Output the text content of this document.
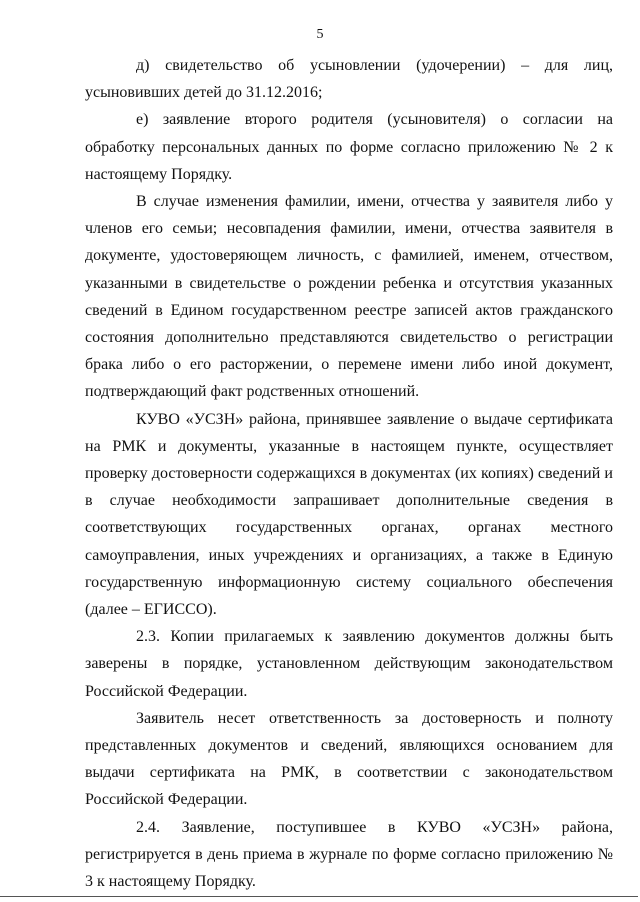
5

д) свидетельство об усыновлении (удочерении) – для лиц, усыновивших детей до 31.12.2016;

е) заявление второго родителя (усыновителя) о согласии на обработку персональных данных по форме согласно приложению № 2 к настоящему Порядку.

В случае изменения фамилии, имени, отчества у заявителя либо у членов его семьи; несовпадения фамилии, имени, отчества заявителя в документе, удостоверяющем личность, с фамилией, именем, отчеством, указанными в свидетельстве о рождении ребенка и отсутствия указанных сведений в Едином государственном реестре записей актов гражданского состояния дополнительно представляются свидетельство о регистрации брака либо о его расторжении, о перемене имени либо иной документ, подтверждающий факт родственных отношений.

КУВО «УСЗН» района, принявшее заявление о выдаче сертификата на РМК и документы, указанные в настоящем пункте, осуществляет проверку достоверности содержащихся в документах (их копиях) сведений и в случае необходимости запрашивает дополнительные сведения в соответствующих государственных органах, органах местного самоуправления, иных учреждениях и организациях, а также в Единую государственную информационную систему социального обеспечения (далее – ЕГИССО).

2.3. Копии прилагаемых к заявлению документов должны быть заверены в порядке, установленном действующим законодательством Российской Федерации.

Заявитель несет ответственность за достоверность и полноту представленных документов и сведений, являющихся основанием для выдачи сертификата на РМК, в соответствии с законодательством Российской Федерации.

2.4. Заявление, поступившее в КУВО «УСЗН» района, регистрируется в день приема в журнале по форме согласно приложению № 3 к настоящему Порядку.
